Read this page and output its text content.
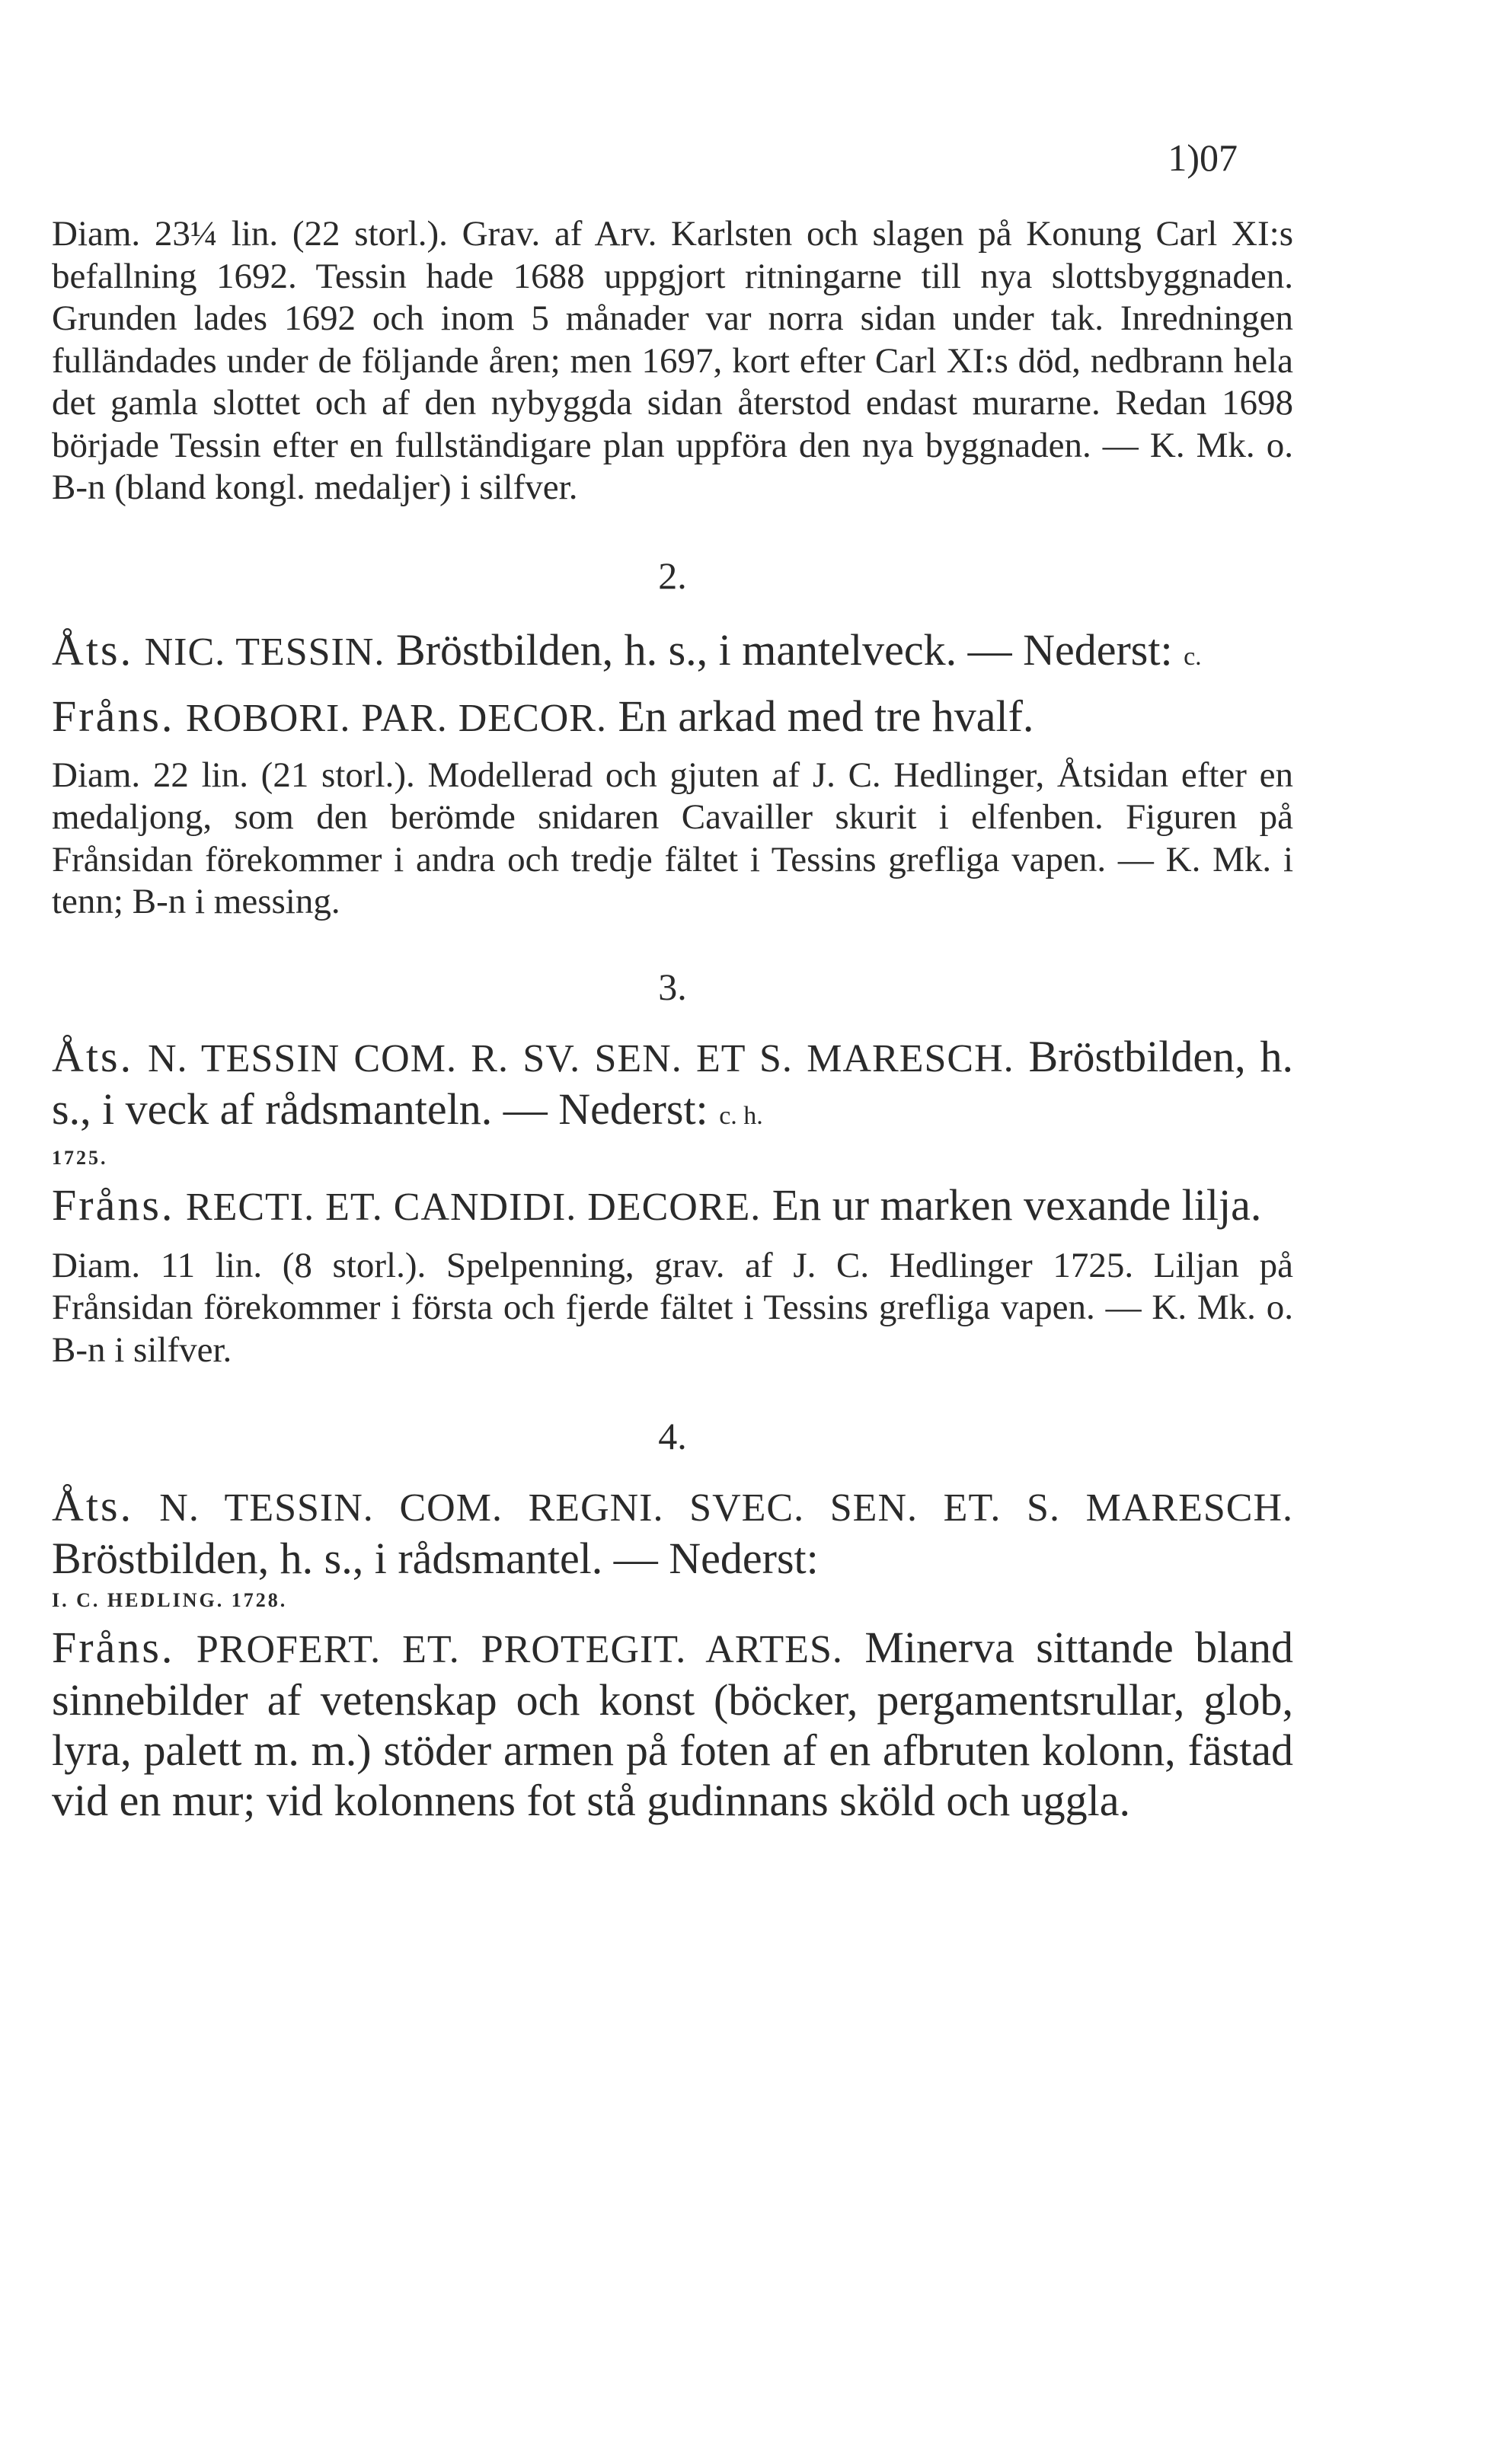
1)07

Diam. 23¼ lin. (22 storl.). Grav. af Arv. Karlsten och slagen på Konung Carl XI:s befallning 1692. Tessin hade 1688 uppgjort ritningarne till nya slottsbyggnaden. Grunden lades 1692 och inom 5 månader var norra sidan under tak. Inredningen fulländades under de följande åren; men 1697, kort efter Carl XI:s död, nedbrann hela det gamla slottet och af den nybyggda sidan återstod endast murarne. Redan 1698 började Tessin efter en fullständigare plan uppföra den nya byggnaden. — K. Mk. o. B-n (bland kongl. medaljer) i silfver.

2.

Åts. NIC. TESSIN. Bröstbilden, h. s., i mantelveck. — Nederst: c.

Fråns. ROBORI. PAR. DECOR. En arkad med tre hvalf.

Diam. 22 lin. (21 storl.). Modellerad och gjuten af J. C. Hedlinger, Åtsidan efter en medaljong, som den berömde snidaren Cavailler skurit i elfenben. Figuren på Frånsidan förekommer i andra och tredje fältet i Tessins grefliga vapen. — K. Mk. i tenn; B-n i messing.

3.

Åts. N. TESSIN COM. R. SV. SEN. ET S. MARESCH. Bröstbilden, h. s., i veck af rådsmanteln. — Nederst: c. h.

1725.

Fråns. RECTI. ET. CANDIDI. DECORE. En ur marken vexande lilja.

Diam. 11 lin. (8 storl.). Spelpenning, grav. af J. C. Hedlinger 1725. Liljan på Frånsidan förekommer i första och fjerde fältet i Tessins grefliga vapen. — K. Mk. o. B-n i silfver.

4.

Åts. N. TESSIN. COM. REGNI. SVEC. SEN. ET. S. MARESCH. Bröstbilden, h. s., i rådsmantel. — Nederst:

I. C. HEDLING. 1728.

Fråns. PROFERT. ET. PROTEGIT. ARTES. Minerva sittande bland sinnebilder af vetenskap och konst (böcker, pergamentsrullar, glob, lyra, palett m. m.) stöder armen på foten af en afbruten kolonn, fästad vid en mur; vid kolonnens fot stå gudinnans sköld och uggla.
